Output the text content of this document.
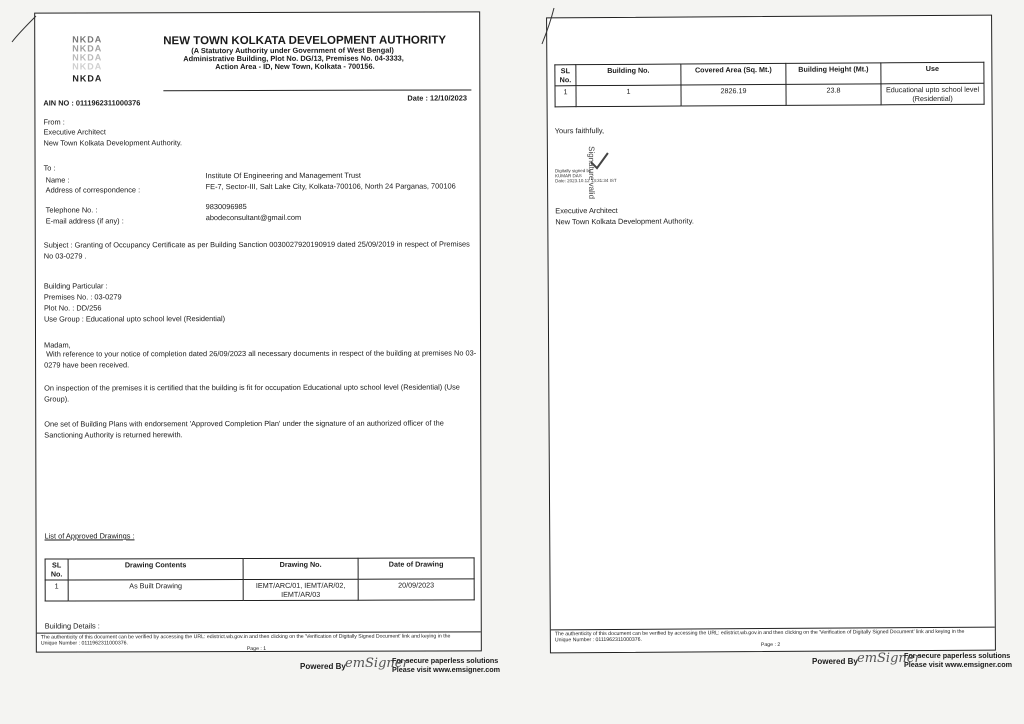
NKDA
NKDA
NKDA
NKDA
NKDA
NEW TOWN KOLKATA DEVELOPMENT AUTHORITY
(A Statutory Authority under Government of West Bengal)
Administrative Building, Plot No. DG/13, Premises No. 04-3333,
Action Area - ID, New Town, Kolkata - 700156.
AIN NO : 0111962311000376
Date : 12/10/2023
From :
Executive Architect
New Town Kolkata Development Authority.
To :
Name :	Institute Of Engineering and Management Trust
Address of correspondence :	FE-7, Sector-III, Salt Lake City, Kolkata-700106, North 24 Parganas, 700106
Telephone No. :	9830096985
E-mail address (if any) :	abodeconsultant@gmail.com
Subject : Granting of Occupancy Certificate as per Building Sanction 0030027920190919 dated 25/09/2019 in respect of Premises No 03-0279 .
Building Particular :
Premises No. : 03-0279
Plot No. : DD/256
Use Group : Educational upto school level (Residential)
Madam,
With reference to your notice of completion dated 26/09/2023 all necessary documents in respect of the building at premises No 03-0279 have been received.
On inspection of the premises it is certified that the building is fit for occupation Educational upto school level (Residential) (Use Group).
One set of Building Plans with endorsement 'Approved Completion Plan' under the signature of an authorized officer of the Sanctioning Authority is returned herewith.
List of Approved Drawings :
SL No.	Drawing Contents	Drawing No.	Date of Drawing
1	As Built Drawing	IEMT/ARC/01, IEMT/AR/02, IEMT/AR/03	20/09/2023
Building Details :
The authenticity of this document can be verified by accessing the URL: edistrict.wb.gov.in and then clicking on the 'Verification of Digitally Signed Document' link and keying in the
Unique Number : 0111962311000376.
Page : 1
SL No.	Building No.	Covered Area (Sq. Mt.)	Building Height (Mt.)	Use
1	1	2826.19	23.8	Educational upto school level (Residential)
Yours faithfully,
Digitally signed by
KUMAR DAS
Date: 2023.10.12 13:31:34 IST
Signature valid
Executive Architect
New Town Kolkata Development Authority.
The authenticity of this document can be verified by accessing the URL: edistrict.wb.gov.in and then clicking on the 'Verification of Digitally Signed Document' link and keying in the
Unique Number : 0111962311000376.
Page : 2
Powered By emSigner
For secure paperless solutions
Please visit www.emsigner.com
Powered By emSigner
For secure paperless solutions
Please visit www.emsigner.com
